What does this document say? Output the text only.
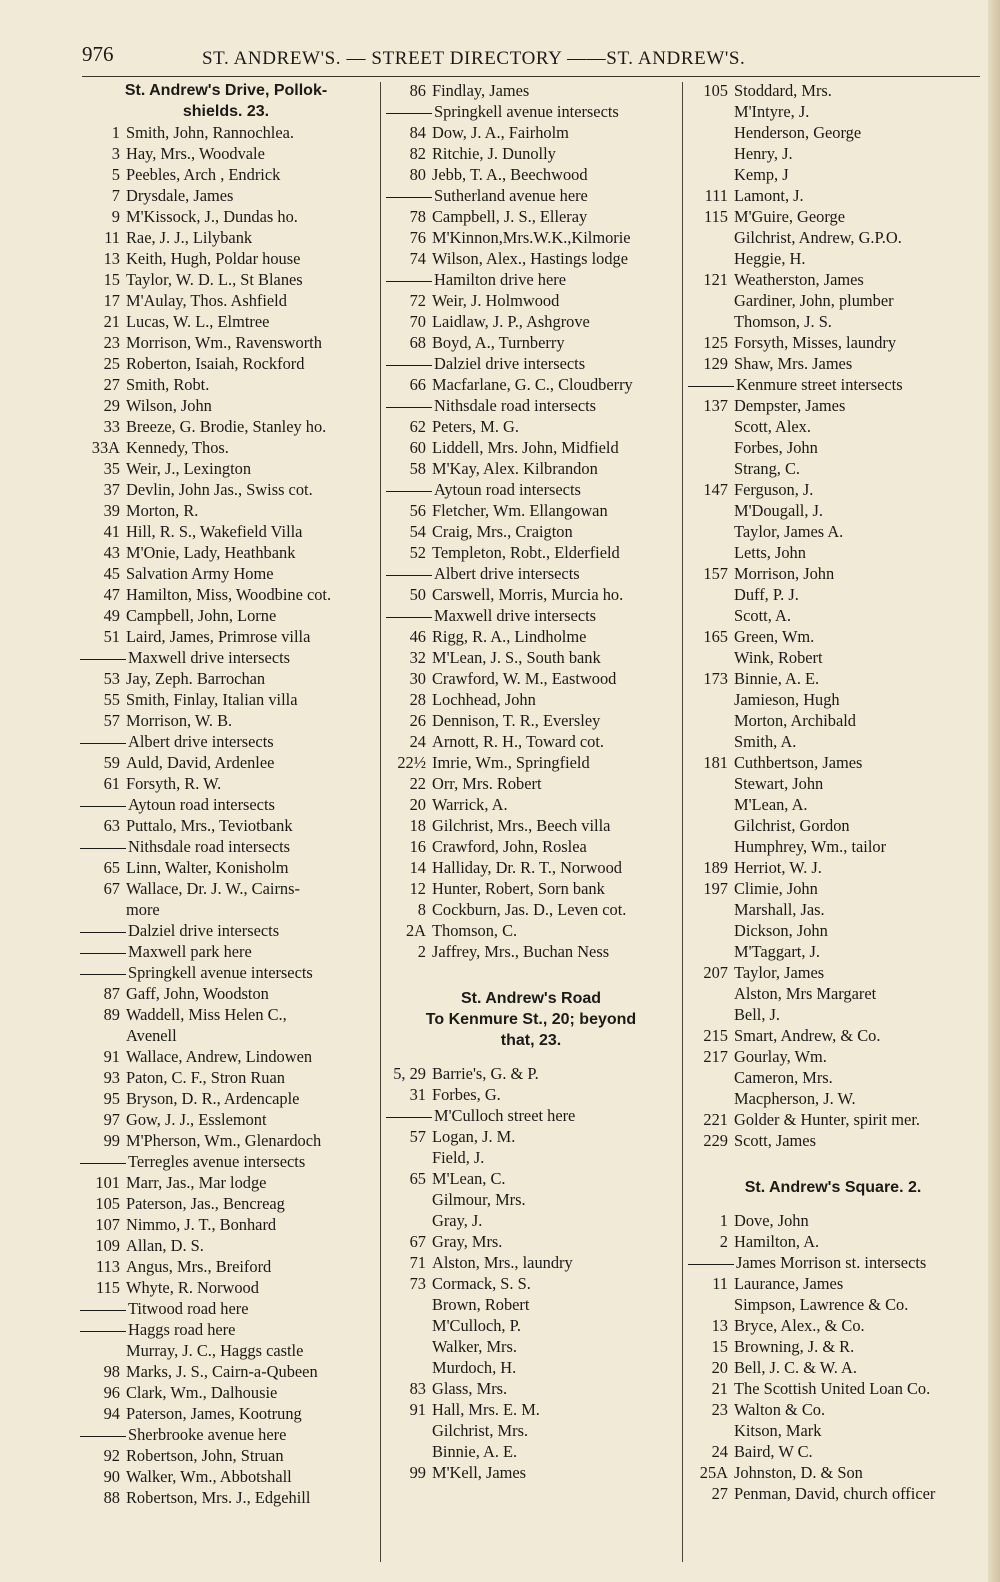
976	ST. ANDREW'S. — STREET DIRECTORY ——ST. ANDREW'S.
St. Andrew's Drive, Pollok-
shields. 23.
1 Smith, John, Rannochlea.
3 Hay, Mrs., Woodvale
5 Peebles, Arch , Endrick
7 Drysdale, James
9 M'Kissock, J., Dundas ho.
11 Rae, J. J., Lilybank
13 Keith, Hugh, Poldar house
15 Taylor, W. D. L., St Blanes
17 M'Aulay, Thos. Ashfield
21 Lucas, W. L., Elmtree
23 Morrison, Wm., Ravensworth
25 Roberton, Isaiah, Rockford
27 Smith, Robt.
29 Wilson, John
33 Breeze, G. Brodie, Stanley ho.
33A Kennedy, Thos.
35 Weir, J., Lexington
37 Devlin, John Jas., Swiss cot.
39 Morton, R.
41 Hill, R. S., Wakefield Villa
43 M'Onie, Lady, Heathbank
45 Salvation Army Home
47 Hamilton, Miss, Woodbine cot.
49 Campbell, John, Lorne
51 Laird, James, Primrose villa
Maxwell drive intersects
53 Jay, Zeph. Barrochan
55 Smith, Finlay, Italian villa
57 Morrison, W. B.
Albert drive intersects
59 Auld, David, Ardenlee
61 Forsyth, R. W.
Aytoun road intersects
63 Puttalo, Mrs., Teviotbank
Nithsdale road intersects
65 Linn, Walter, Konisholm
67 Wallace, Dr. J. W., Cairns-
more
Dalziel drive intersects
Maxwell park here
Springkell avenue intersects
87 Gaff, John, Woodston
89 Waddell, Miss Helen C.,
Avenell
91 Wallace, Andrew, Lindowen
93 Paton, C. F., Stron Ruan
95 Bryson, D. R., Ardencaple
97 Gow, J. J., Esslemont
99 M'Pherson, Wm., Glenardoch
Terregles avenue intersects
101 Marr, Jas., Mar lodge
105 Paterson, Jas., Bencreag
107 Nimmo, J. T., Bonhard
109 Allan, D. S.
113 Angus, Mrs., Breiford
115 Whyte, R. Norwood
Titwood road here
Haggs road here
Murray, J. C., Haggs castle
98 Marks, J. S., Cairn-a-Qubeen
96 Clark, Wm., Dalhousie
94 Paterson, James, Kootrung
Sherbrooke avenue here
92 Robertson, John, Struan
90 Walker, Wm., Abbotshall
88 Robertson, Mrs. J., Edgehill
86 Findlay, James
Springkell avenue intersects
84 Dow, J. A., Fairholm
82 Ritchie, J. Dunolly
80 Jebb, T. A., Beechwood
Sutherland avenue here
78 Campbell, J. S., Elleray
76 M'Kinnon,Mrs.W.K.,Kilmorie
74 Wilson, Alex., Hastings lodge
Hamilton drive here
72 Weir, J. Holmwood
70 Laidlaw, J. P., Ashgrove
68 Boyd, A., Turnberry
Dalziel drive intersects
66 Macfarlane, G. C., Cloudberry
Nithsdale road intersects
62 Peters, M. G.
60 Liddell, Mrs. John, Midfield
58 M'Kay, Alex. Kilbrandon
Aytoun road intersects
56 Fletcher, Wm. Ellangowan
54 Craig, Mrs., Craigton
52 Templeton, Robt., Elderfield
Albert drive intersects
50 Carswell, Morris, Murcia ho.
Maxwell drive intersects
46 Rigg, R. A., Lindholme
32 M'Lean, J. S., South bank
30 Crawford, W. M., Eastwood
28 Lochhead, John
26 Dennison, T. R., Eversley
24 Arnott, R. H., Toward cot.
22½ Imrie, Wm., Springfield
22 Orr, Mrs. Robert
20 Warrick, A.
18 Gilchrist, Mrs., Beech villa
16 Crawford, John, Roslea
14 Halliday, Dr. R. T., Norwood
12 Hunter, Robert, Sorn bank
8 Cockburn, Jas. D., Leven cot.
2A Thomson, C.
2 Jaffrey, Mrs., Buchan Ness
St. Andrew's Road
To Kenmure St., 20; beyond
that, 23.
5, 29 Barrie's, G. & P.
31 Forbes, G.
M'Culloch street here
57 Logan, J. M.
Field, J.
65 M'Lean, C.
Gilmour, Mrs.
Gray, J.
67 Gray, Mrs.
71 Alston, Mrs., laundry
73 Cormack, S. S.
Brown, Robert
M'Culloch, P.
Walker, Mrs.
Murdoch, H.
83 Glass, Mrs.
91 Hall, Mrs. E. M.
Gilchrist, Mrs.
Binnie, A. E.
99 M'Kell, James
105 Stoddard, Mrs.
M'Intyre, J.
Henderson, George
Henry, J.
Kemp, J
111 Lamont, J.
115 M'Guire, George
Gilchrist, Andrew, G.P.O.
Heggie, H.
121 Weatherston, James
Gardiner, John, plumber
Thomson, J. S.
125 Forsyth, Misses, laundry
129 Shaw, Mrs. James
Kenmure street intersects
137 Dempster, James
Scott, Alex.
Forbes, John
Strang, C.
147 Ferguson, J.
M'Dougall, J.
Taylor, James A.
Letts, John
157 Morrison, John
Duff, P. J.
Scott, A.
165 Green, Wm.
Wink, Robert
173 Binnie, A. E.
Jamieson, Hugh
Morton, Archibald
Smith, A.
181 Cuthbertson, James
Stewart, John
M'Lean, A.
Gilchrist, Gordon
Humphrey, Wm., tailor
189 Herriot, W. J.
197 Climie, John
Marshall, Jas.
Dickson, John
M'Taggart, J.
207 Taylor, James
Alston, Mrs Margaret
Bell, J.
215 Smart, Andrew, & Co.
217 Gourlay, Wm.
Cameron, Mrs.
Macpherson, J. W.
221 Golder & Hunter, spirit mer.
229 Scott, James
St. Andrew's Square. 2.
1 Dove, John
2 Hamilton, A.
James Morrison st. intersects
11 Laurance, James
Simpson, Lawrence & Co.
13 Bryce, Alex., & Co.
15 Browning, J. & R.
20 Bell, J. C. & W. A.
21 The Scottish United Loan Co.
23 Walton & Co.
Kitson, Mark
24 Baird, W C.
25A Johnston, D. & Son
27 Penman, David, church officer
